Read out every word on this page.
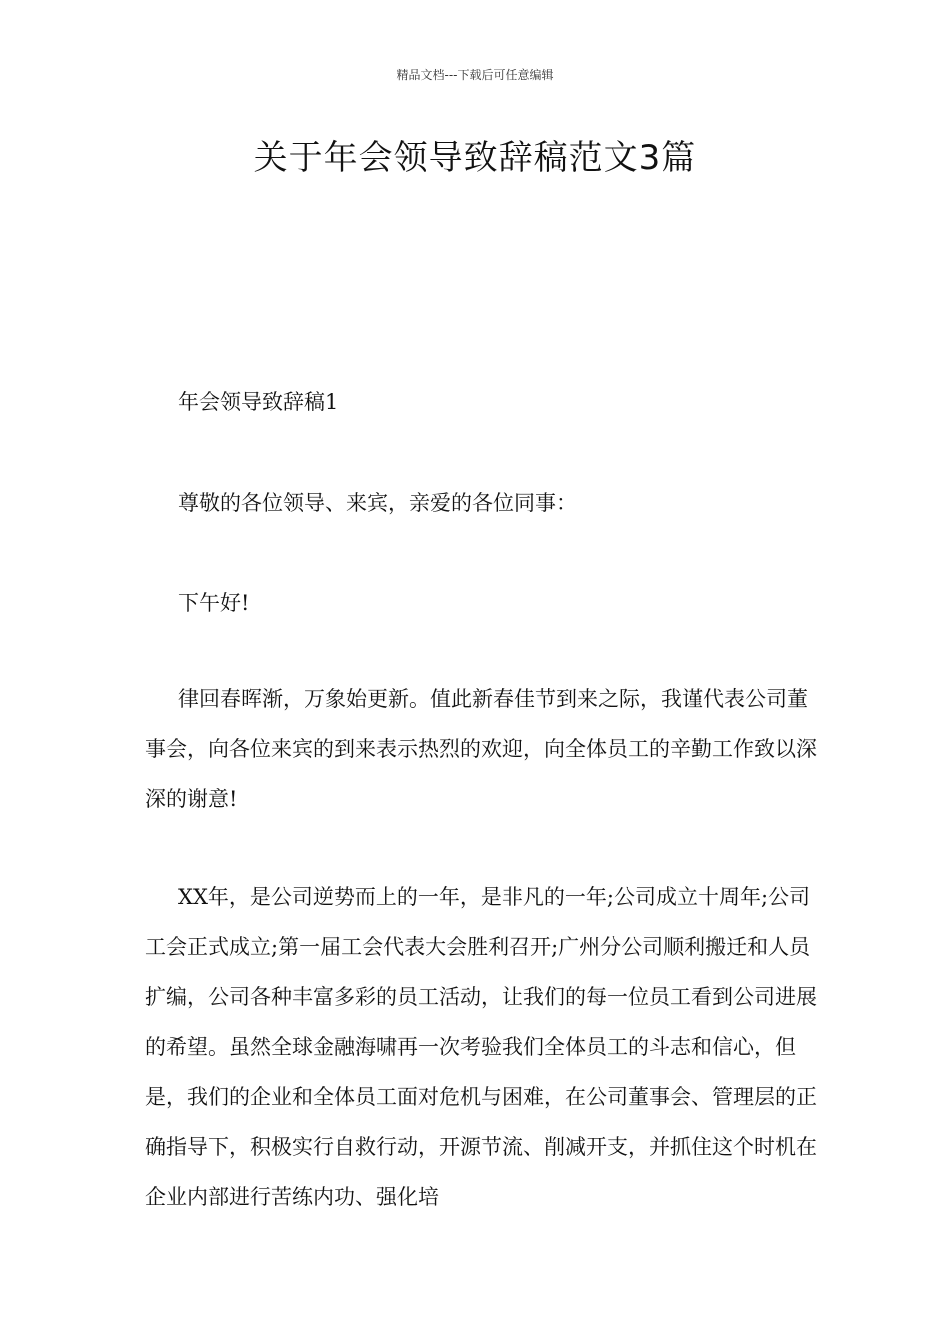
精品文档---下载后可任意编辑
关于年会领导致辞稿范文3篇

年会领导致辞稿1

尊敬的各位领导、来宾，亲爱的各位同事：

下午好!

律回春晖渐，万象始更新。值此新春佳节到来之际，我谨代表公司董事会，向各位来宾的到来表示热烈的欢迎，向全体员工的辛勤工作致以深深的谢意!

XX年，是公司逆势而上的一年，是非凡的一年;公司成立十周年;公司工会正式成立;第一届工会代表大会胜利召开;广州分公司顺利搬迁和人员扩编，公司各种丰富多彩的员工活动，让我们的每一位员工看到公司进展的希望。虽然全球金融海啸再一次考验我们全体员工的斗志和信心，但是，我们的企业和全体员工面对危机与困难，在公司董事会、管理层的正确指导下，积极实行自救行动，开源节流、削减开支，并抓住这个时机在企业内部进行苦练内功、强化培
